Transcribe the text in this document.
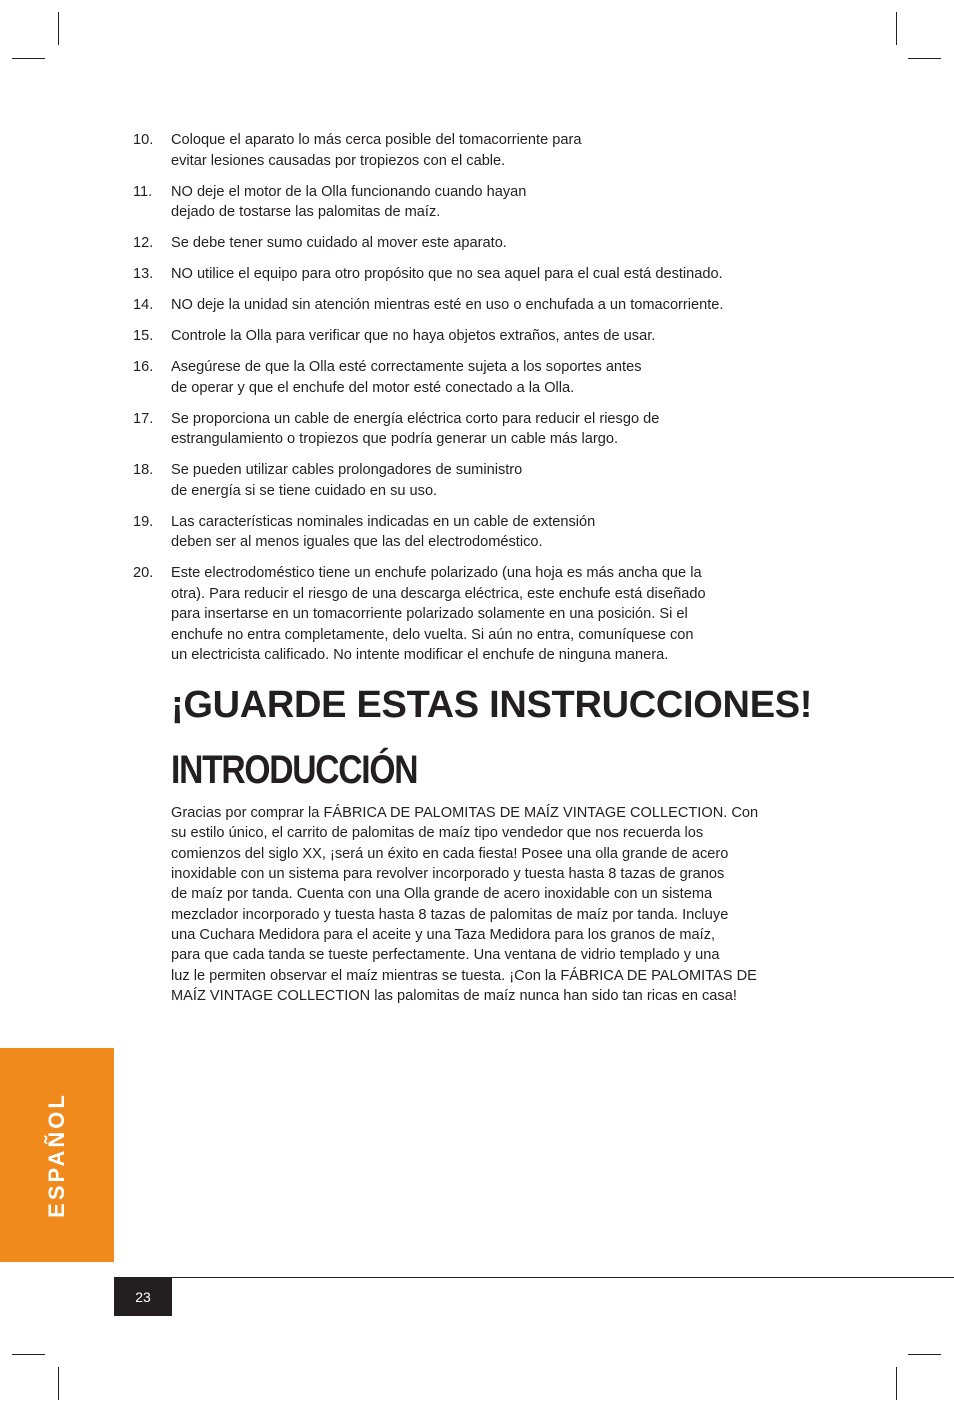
10. Coloque el aparato lo más cerca posible del tomacorriente para
evitar lesiones causadas por tropiezos con el cable.
11. NO deje el motor de la Olla funcionando cuando hayan
dejado de tostarse las palomitas de maíz.
12. Se debe tener sumo cuidado al mover este aparato.
13. NO utilice el equipo para otro propósito que no sea aquel para el cual está destinado.
14. NO deje la unidad sin atención mientras esté en uso o enchufada a un tomacorriente.
15. Controle la Olla para verificar que no haya objetos extraños, antes de usar.
16. Asegúrese de que la Olla esté correctamente sujeta a los soportes antes
de operar y que el enchufe del motor esté conectado a la Olla.
17. Se proporciona un cable de energía eléctrica corto para reducir el riesgo de
estrangulamiento o tropiezos que podría generar un cable más largo.
18. Se pueden utilizar cables prolongadores de suministro
de energía si se tiene cuidado en su uso.
19. Las características nominales indicadas en un cable de extensión
deben ser al menos iguales que las del electrodoméstico.
20. Este electrodoméstico tiene un enchufe polarizado (una hoja es más ancha que la
otra). Para reducir el riesgo de una descarga eléctrica, este enchufe está diseñado
para insertarse en un tomacorriente polarizado solamente en una posición. Si el
enchufe no entra completamente, delo vuelta. Si aún no entra, comuníquese con
un electricista calificado. No intente modificar el enchufe de ninguna manera.
¡GUARDE ESTAS INSTRUCCIONES!
INTRODUCCIÓN

Gracias por comprar la FÁBRICA DE PALOMITAS DE MAÍZ VINTAGE COLLECTION. Con
su estilo único, el carrito de palomitas de maíz tipo vendedor que nos recuerda los
comienzos del siglo XX, ¡será un éxito en cada fiesta! Posee una olla grande de acero
inoxidable con un sistema para revolver incorporado y tuesta hasta 8 tazas de granos
de maíz por tanda. Cuenta con una Olla grande de acero inoxidable con un sistema
mezclador incorporado y tuesta hasta 8 tazas de palomitas de maíz por tanda. Incluye
una Cuchara Medidora para el aceite y una Taza Medidora para los granos de maíz,
para que cada tanda se tueste perfectamente. Una ventana de vidrio templado y una
luz le permiten observar el maíz mientras se tuesta. ¡Con la FÁBRICA DE PALOMITAS DE
MAÍZ VINTAGE COLLECTION las palomitas de maíz nunca han sido tan ricas en casa!

ESPAÑOL
23
